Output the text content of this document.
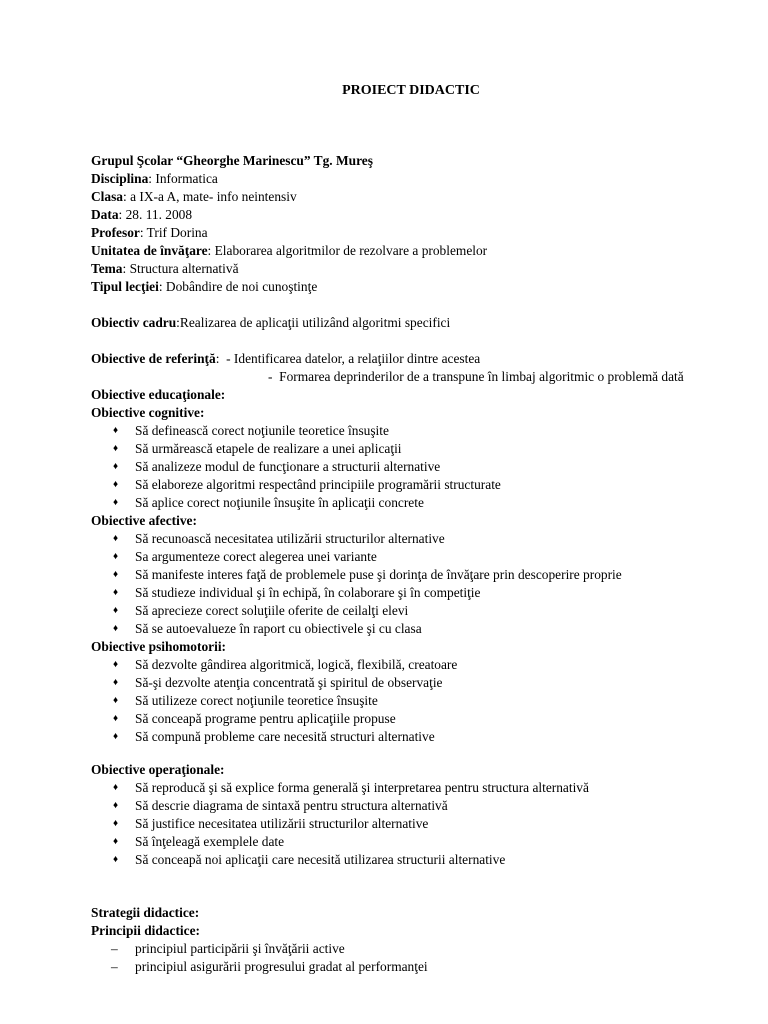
PROIECT DIDACTIC
Grupul Şcolar “Gheorghe Marinescu” Tg. Mureş
Disciplina: Informatica
Clasa: a IX-a A, mate- info neintensiv
Data: 28. 11. 2008
Profesor: Trif Dorina
Unitatea de învăţare: Elaborarea algoritmilor de rezolvare a problemelor
Tema: Structura alternativă
Tipul lecţiei: Dobândire de noi cunoştinţe
Obiectiv cadru:Realizarea de aplicaţii utilizând algoritmi specifici
Obiective de referinţă:  - Identificarea datelor, a relaţiilor dintre acestea
-  Formarea deprinderilor de a transpune în limbaj algoritmic o problemă dată
Obiective educaţionale:
Obiective cognitive:
♦ Să definească corect noţiunile teoretice însuşite
♦ Să urmărească etapele de realizare a unei aplicaţii
♦ Să analizeze modul de funcţionare a structurii alternative
♦ Să elaboreze algoritmi respectând principiile programării structurate
♦ Să aplice corect noţiunile însuşite în aplicaţii concrete
Obiective afective:
♦ Să recunoască necesitatea utilizării structurilor alternative
♦ Sa argumenteze corect alegerea unei variante
♦ Să manifeste interes faţă de problemele puse şi dorinţa de învăţare prin descoperire proprie
♦ Să studieze individual şi în echipă, în colaborare şi în competiţie
♦ Să aprecieze corect soluţiile oferite de ceilalţi elevi
♦ Să se autoevalueze în raport cu obiectivele şi cu clasa
Obiective psihomotorii:
♦ Să dezvolte gândirea algoritmică, logică, flexibilă, creatoare
♦ Să-şi dezvolte atenţia concentrată şi spiritul de observaţie
♦ Să utilizeze corect noţiunile teoretice însuşite
♦ Să conceapă programe pentru aplicaţiile propuse
♦ Să compună probleme care necesită structuri alternative
Obiective operaţionale:
♦ Să reproducă şi să explice forma generală şi interpretarea pentru structura alternativă
♦ Să descrie diagrama de sintaxă pentru structura alternativă
♦ Să justifice necesitatea utilizării structurilor alternative
♦ Să înţeleagă exemplele date
♦ Să conceapă noi aplicaţii care necesită utilizarea structurii alternative
Strategii didactice:
Principii didactice:
– principiul participării şi învăţării active
– principiul asigurării progresului gradat al performanţei
